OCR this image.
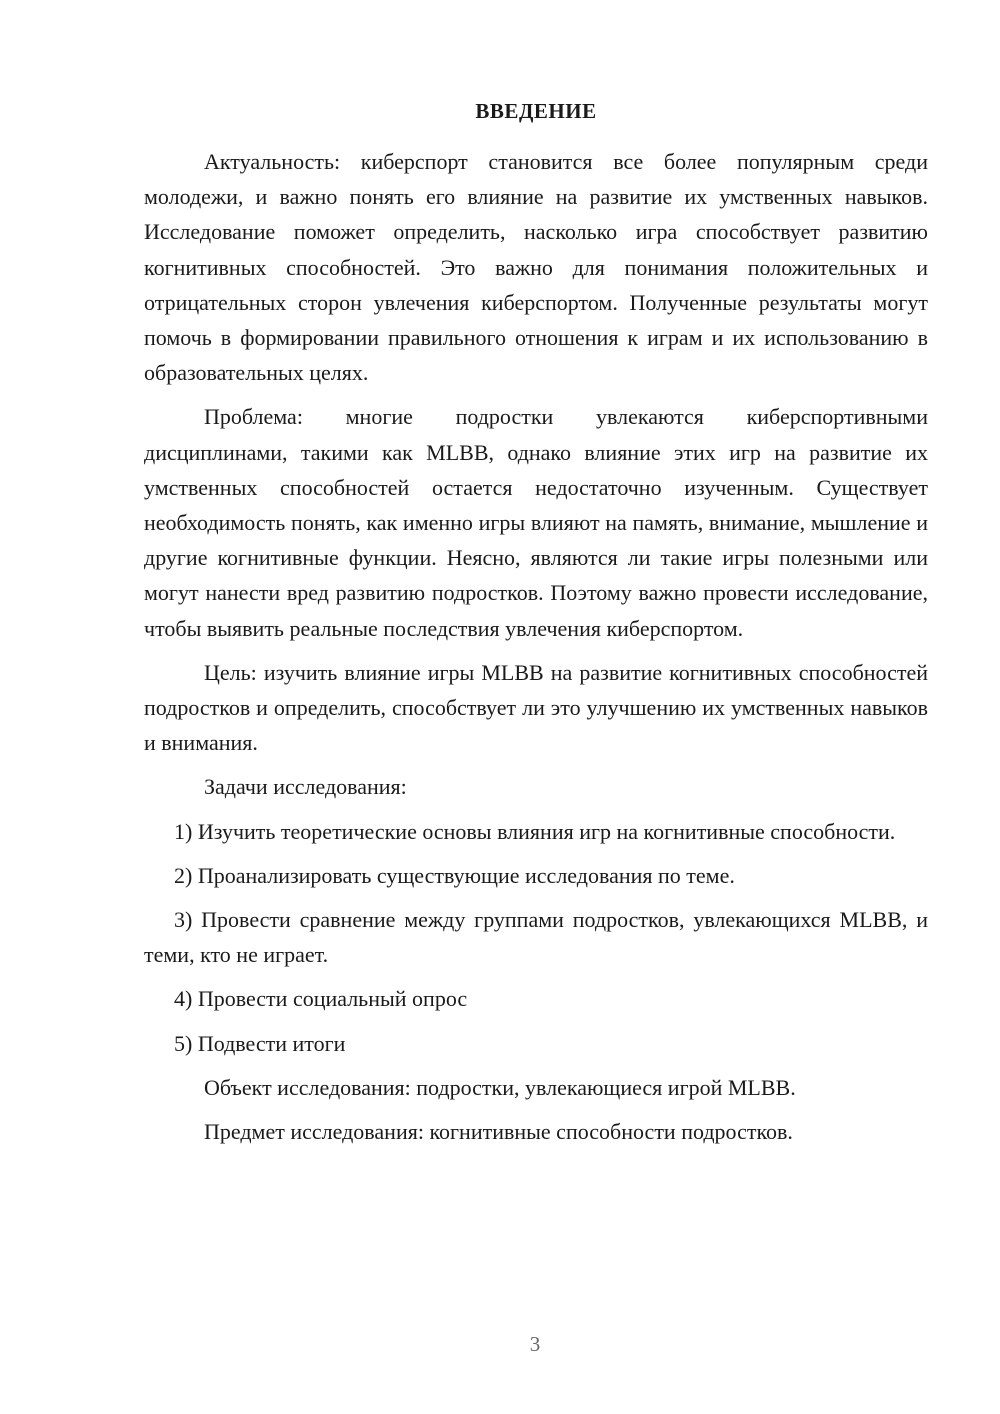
ВВЕДЕНИЕ

Актуальность: киберспорт становится все более популярным среди молодежи, и важно понять его влияние на развитие их умственных навыков. Исследование поможет определить, насколько игра способствует развитию когнитивных способностей. Это важно для понимания положительных и отрицательных сторон увлечения киберспортом. Полученные результаты могут помочь в формировании правильного отношения к играм и их использованию в образовательных целях.

Проблема: многие подростки увлекаются киберспортивными дисциплинами, такими как MLBB, однако влияние этих игр на развитие их умственных способностей остается недостаточно изученным. Существует необходимость понять, как именно игры влияют на память, внимание, мышление и другие когнитивные функции. Неясно, являются ли такие игры полезными или могут нанести вред развитию подростков. Поэтому важно провести исследование, чтобы выявить реальные последствия увлечения киберспортом.

Цель: изучить влияние игры MLBB на развитие когнитивных способностей подростков и определить, способствует ли это улучшению их умственных навыков и внимания.

Задачи исследования:

1) Изучить теоретические основы влияния игр на когнитивные способности.

2) Проанализировать существующие исследования по теме.

3) Провести сравнение между группами подростков, увлекающихся MLBB, и теми, кто не играет.

4) Провести социальный опрос

5) Подвести итоги

Объект исследования: подростки, увлекающиеся игрой MLBB.

Предмет исследования: когнитивные способности подростков.

3
